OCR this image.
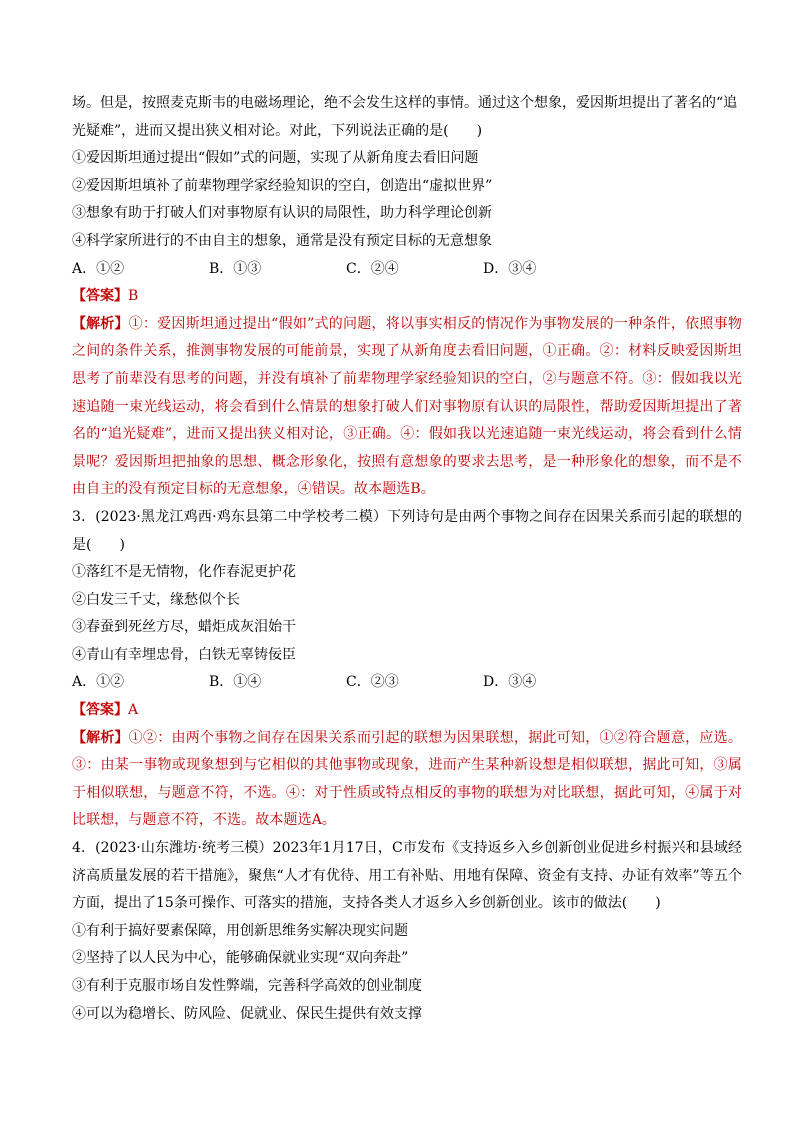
场。但是，按照麦克斯韦的电磁场理论，绝不会发生这样的事情。通过这个想象，爱因斯坦提出了著名的“追

光疑难”，进而又提出狭义相对论。对此，下列说法正确的是(　　)

①爱因斯坦通过提出“假如”式的问题，实现了从新角度去看旧问题

②爱因斯坦填补了前辈物理学家经验知识的空白，创造出“虚拟世界”

③想象有助于打破人们对事物原有认识的局限性，助力科学理论创新

④科学家所进行的不由自主的想象，通常是没有预定目标的无意想象

A．①②	B．①③	C．②④	D．③④

【答案】B

【解析】①：爱因斯坦通过提出“假如”式的问题，将以事实相反的情况作为事物发展的一种条件，依照事物之间的条件关系，推测事物发展的可能前景，实现了从新角度去看旧问题，①正确。②：材料反映爱因斯坦思考了前辈没有思考的问题，并没有填补了前辈物理学家经验知识的空白，②与题意不符。③：假如我以光速追随一束光线运动，将会看到什么情景的想象打破人们对事物原有认识的局限性，帮助爱因斯坦提出了著名的“追光疑难”，进而又提出狭义相对论，③正确。④：假如我以光速追随一束光线运动，将会看到什么情景呢？爱因斯坦把抽象的思想、概念形象化，按照有意想象的要求去思考，是一种形象化的想象，而不是不由自主的没有预定目标的无意想象，④错误。故本题选B。

3．(2023·黑龙江鸡西·鸡东县第二中学校考二模）下列诗句是由两个事物之间存在因果关系而引起的联想的是(　　)

①落红不是无情物，化作春泥更护花

②白发三千丈，缘愁似个长

③春蚕到死丝方尽，蜡炬成灰泪始干

④青山有幸埋忠骨，白铁无辜铸佞臣

A．①②	B．①④	C．②③	D．③④

【答案】A

【解析】①②：由两个事物之间存在因果关系而引起的联想为因果联想，据此可知，①②符合题意，应选。③：由某一事物或现象想到与它相似的其他事物或现象，进而产生某种新设想是相似联想，据此可知，③属于相似联想，与题意不符，不选。④：对于性质或特点相反的事物的联想为对比联想，据此可知，④属于对比联想，与题意不符，不选。故本题选A。

4．(2023·山东潍坊·统考三模）2023年1月17日，C市发布《支持返乡入乡创新创业促进乡村振兴和县域经济高质量发展的若干措施》，聚焦“人才有优待、用工有补贴、用地有保障、资金有支持、办证有效率”等五个方面，提出了15条可操作、可落实的措施，支持各类人才返乡入乡创新创业。该市的做法(　　)

①有利于搞好要素保障，用创新思维务实解决现实问题

②坚持了以人民为中心，能够确保就业实现“双向奔赴”

③有利于克服市场自发性弊端，完善科学高效的创业制度

④可以为稳增长、防风险、促就业、保民生提供有效支撑
